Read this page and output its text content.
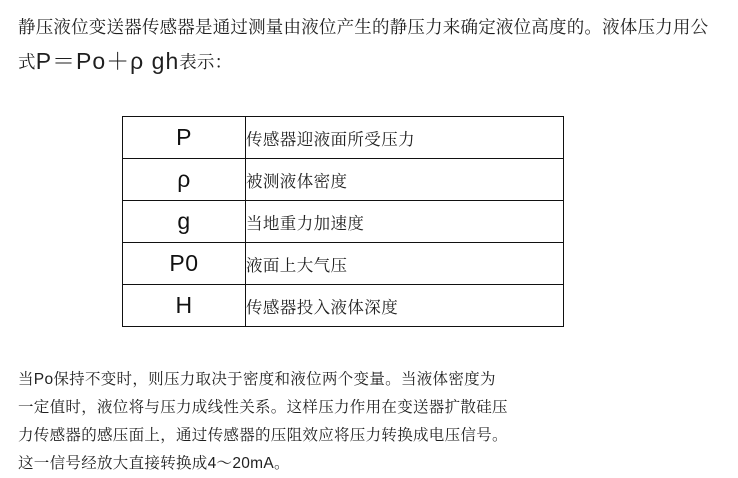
静压液位变送器传感器是通过测量由液位产生的静压力来确定液位高度的。液体压力用公式P＝Po＋ρ gh表示：
P	传感器迎液面所受压力
ρ	被测液体密度
g	当地重力加速度
P0	液面上大气压
H	传感器投入液体深度

当Po保持不变时，则压力取决于密度和液位两个变量。当液体密度为

一定值时，液位将与压力成线性关系。这样压力作用在变送器扩散硅压

力传感器的感压面上，通过传感器的压阻效应将压力转换成电压信号。

这一信号经放大直接转换成4～20mA。
